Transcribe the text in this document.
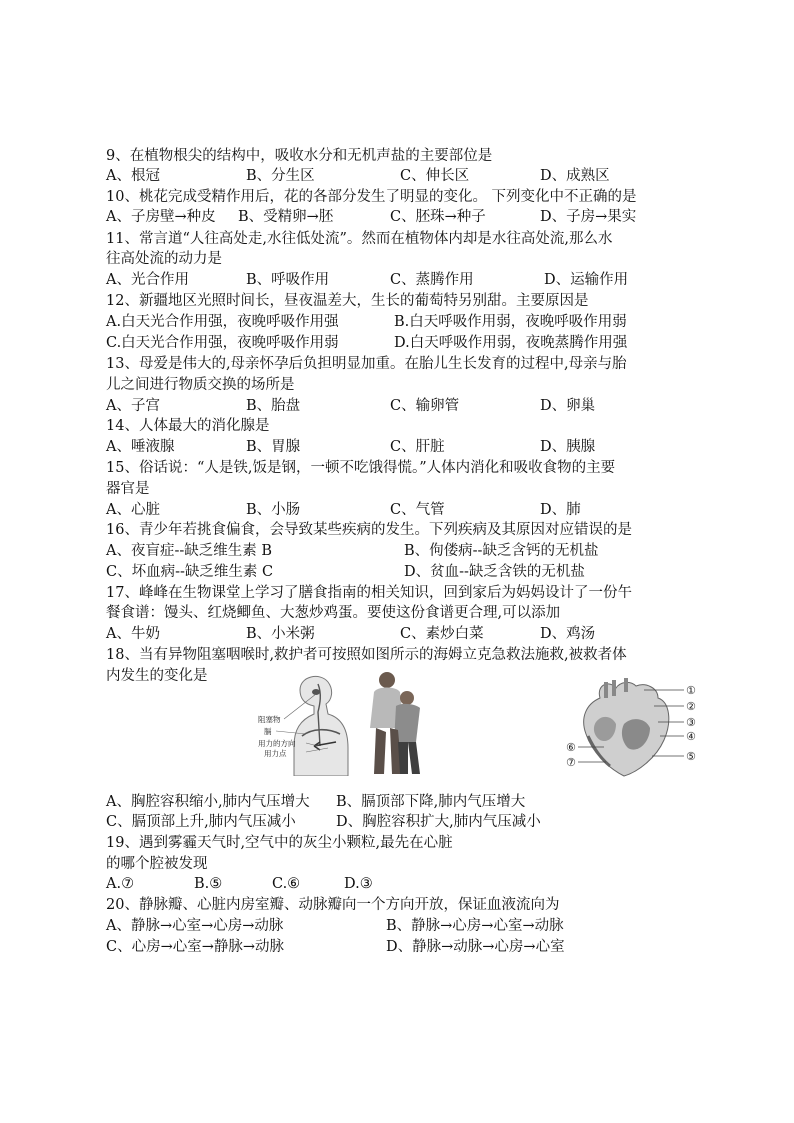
9、在植物根尖的结构中，吸收水分和无机声盐的主要部位是
A、根冠	B、分生区	C、伸长区	D、成熟区
10、桃花完成受精作用后，花的各部分发生了明显的变化。 下列变化中不正确的是
A、子房壁→种皮 B、受精卵→胚	C、胚珠→种子	D、子房→果实
11、常言道“人往高处走,水往低处流”。然而在植物体内却是水往高处流,那么水
往高处流的动力是
A、光合作用	B、呼吸作用	C、蒸腾作用	D、运输作用
12、新疆地区光照时间长，昼夜温差大，生长的葡萄特另别甜。主要原因是
A.白天光合作用强，夜晚呼吸作用强	B.白天呼吸作用弱，夜晚呼吸作用弱
C.白天光合作用强，夜晚呼吸作用弱	D.白天呼吸作用弱，夜晚蒸腾作用强
13、母爱是伟大的,母亲怀孕后负担明显加重。在胎儿生长发育的过程中,母亲与胎
儿之间进行物质交换的场所是
A、子宫	B、胎盘	C、输卵管	D、卵巢
14、人体最大的消化腺是
A、唾液腺	B、胃腺	C、肝脏	D、胰腺
15、俗话说：“人是铁,饭是钢，一顿不吃饿得慌。”人体内消化和吸收食物的主要
器官是
A、心脏	B、小肠	C、气管	D、肺
16、青少年若挑食偏食，会导致某些疾病的发生。下列疾病及其原因对应错误的是
A、夜盲症--缺乏维生素 B	B、佝偻病--缺乏含钙的无机盐
C、坏血病--缺乏维生素 C	D、贫血--缺乏含铁的无机盐
17、峰峰在生物课堂上学习了膳食指南的相关知识，回到家后为妈妈设计了一份午
餐食谱：馒头、红烧鲫鱼、大葱炒鸡蛋。要使这份食谱更合理,可以添加
A、牛奶	B、小米粥	C、素炒白菜	D、鸡汤
18、当有异物阻塞咽喉时,救护者可按照如图所示的海姆立克急救法施救,被救者体
内发生的变化是
阻塞物
膈
用力的方向
用力点
①
②
③
④
⑤
⑥
⑦
A、胸腔容积缩小,肺内气压增大 B、膈顶部下降,肺内气压增大
C、膈顶部上升,肺内气压减小	D、胸腔容积扩大,肺内气压减小
19、遇到雾霾天气时,空气中的灰尘小颗粒,最先在心脏
的哪个腔被发现
A.⑦	B.⑤	C.⑥	D.③
20、静脉瓣、心脏内房室瓣、动脉瓣向一个方向开放，保证血液流向为
A、静脉→心室→心房→动脉	B、静脉→心房→心室→动脉
C、心房→心室→静脉→动脉	D、静脉→动脉→心房→心室
